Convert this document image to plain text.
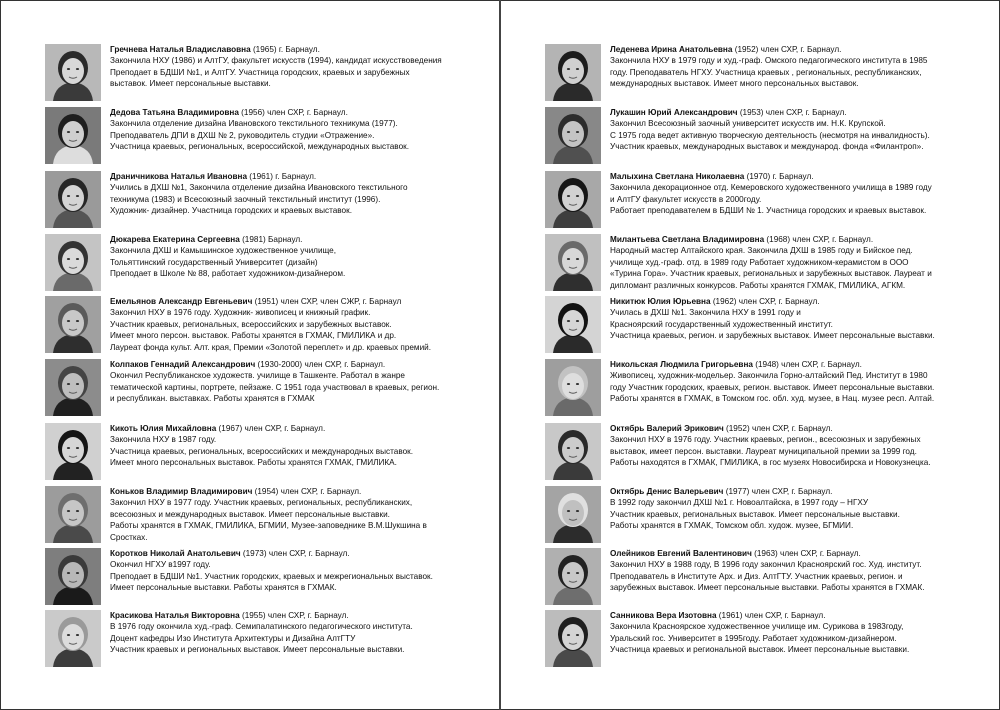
Гречнева Наталья Владиславовна (1965) г. Барнаул.
Закончила НХУ (1986) и АлтГУ, факультет искусств (1994), кандидат искусствоведения
Преподает в БДШИ №1, и АлтГУ. Участница городских, краевых и зарубежных
выставок. Имеет персональные выставки.
Дедова Татьяна Владимировна (1956) член СХР, г. Барнаул.
Закончила отделение дизайна Ивановского текстильного техникума (1977).
Преподаватель ДПИ в ДХШ № 2, руководитель студии «Отражение».
Участница краевых, региональных, всероссийской, международных выставок.
Драничникова Наталья Ивановна (1961) г. Барнаул.
Учились в ДХШ №1, Закончила отделение дизайна Ивановского текстильного
техникума (1983) и Всесоюзный заочный текстильный институт (1996).
Художник- дизайнер. Участница городских и краевых выставок.
Дюкарева Екатерина Сергеевна (1981) Барнаул.
Закончила ДХШ и Камышинское художественное училище,
Тольяттинский государственный Университет (дизайн)
Преподает в Школе № 88, работает художником-дизайнером.
Емельянов Александр Евгеньевич (1951) член СХР, член СЖР, г. Барнаул
Закончил НХУ в 1976 году. Художник- живописец и книжный график.
Участник краевых, региональных, всероссийских и зарубежных выставок.
Имеет много персон. выставок. Работы хранятся в ГХМАК, ГМИЛИКА и др.
Лауреат фонда культ. Алт. края, Премии «Золотой переплет» и др. краевых премий.
Колпаков Геннадий Александрович (1930-2000) член СХР, г. Барнаул.
Окончил Республиканское художеств. училище в Ташкенте. Работал в жанре
тематической картины, портрете, пейзаже. С 1951 года участвовал в краевых, регион.
и республикан. выставках. Работы хранятся в ГХМАК
Кикоть Юлия Михайловна (1967) член СХР, г. Барнаул.
Закончила НХУ в 1987 году.
Участница краевых, региональных, всероссийских и международных выставок.
Имеет много персональных выставок. Работы хранятся ГХМАК, ГМИЛИКА.
Коньков Владимир Владимирович (1954) член СХР, г. Барнаул.
Закончил НХУ в 1977 году. Участник краевых, региональных, республиканских,
всесоюзных и международных выставок. Имеет персональные выставки.
Работы хранятся в ГХМАК, ГМИЛИКА, БГМИИ, Музее-заповеднике В.М.Шукшина в
Сростках.
Коротков Николай Анатольевич (1973) член СХР, г. Барнаул.
Окончил НГХУ в1997 году.
Преподает в БДШИ №1. Участник городских, краевых и межрегиональных выставок.
Имеет персональные выставки. Работы хранятся в ГХМАК.
Красикова Наталья Викторовна (1955) член СХР, г. Барнаул.
В 1976 году окончила худ.-граф. Семипалатинского педагогического института.
Доцент кафедры Изо Института Архитектуры и Дизайна АлтГТУ
Участник краевых и региональных выставок. Имеет персональные выставки.
Леденева Ирина Анатольевна (1952) член СХР, г. Барнаул.
Закончила НХУ в 1979 году и худ.-граф. Омского педагогического института в 1985
году. Преподаватель НГХУ. Участница краевых , региональных, республиканских,
международных выставок. Имеет много персональных выставок.
Лукашин Юрий Александрович (1953) член СХР, г. Барнаул.
Закончил Всесоюзный заочный университет искусств им. Н.К. Крупской.
С 1975 года ведет активную творческую деятельность (несмотря на инвалидность).
Участник краевых, международных выставок и международ. фонда «Филантроп».
Малыхина Светлана Николаевна (1970) г. Барнаул.
Закончила декорационное отд. Кемеровского художественного училища в 1989 году
и АлтГУ факультет искусств в 2000году.
Работает преподавателем в БДШИ № 1. Участница городских и краевых выставок.
Милантьева Светлана Владимировна (1968) член СХР, г. Барнаул.
Народный мастер Алтайского края. Закончила ДХШ в 1985 году и Бийское пед.
училище худ.-граф. отд. в 1989 году Работает художником-керамистом в ООО
«Турина Гора». Участник краевых, региональных и зарубежных выставок. Лауреат и
дипломант различных конкурсов. Работы хранятся ГХМАК, ГМИЛИКА, АГКМ.
Никитюк Юлия Юрьевна (1962) член СХР, г. Барнаул.
Училась в ДХШ №1. Закончила НХУ в 1991 году и
Красноярский государственный художественный институт.
Участница краевых, регион. и зарубежных выставок. Имеет персональные выставки.
Никольская Людмила Григорьевна (1948) член СХР, г. Барнаул.
Живописец, художник-модельер. Закончила Горно-алтайский Пед. Институт в 1980
году Участник городских, краевых, регион. выставок. Имеет персональные выставки.
Работы хранятся в ГХМАК, в Томском гос. обл. худ. музее, в Нац. музее респ. Алтай.
Октябрь Валерий Эрикович (1952) член СХР, г. Барнаул.
Закончил НХУ в 1976 году. Участник краевых, регион., всесоюзных и зарубежных
выставок, имеет персон. выставки. Лауреат муниципальной премии за 1999 год.
Работы находятся в ГХМАК, ГМИЛИКА, в гос музеях Новосибирска и Новокузнецка.
Октябрь Денис Валерьевич (1977) член СХР, г. Барнаул.
В 1992 году закончил ДХШ №1 г. Новоалтайска, в 1997 году – НГХУ
Участник краевых, региональных выставок. Имеет персональные выставки.
Работы хранятся в ГХМАК, Томском обл. худож. музее, БГМИИ.
Олейников Евгений Валентинович (1963) член СХР, г. Барнаул.
Закончил НХУ в 1988 году, В 1996 году закончил Красноярский гос. Худ. институт.
Преподаватель в Институте Арх. и Диз. АлтГТУ. Участник краевых, регион. и
зарубежных выставок. Имеет персональные выставки. Работы хранятся в ГХМАК.
Санникова Вера Изотовна (1961) член СХР, г. Барнаул.
Закончила Красноярское художественное училище им. Сурикова в 1983году,
Уральский гос. Университет в 1995году. Работает художником-дизайнером.
Участница краевых и региональной выставок. Имеет персональные выставки.
